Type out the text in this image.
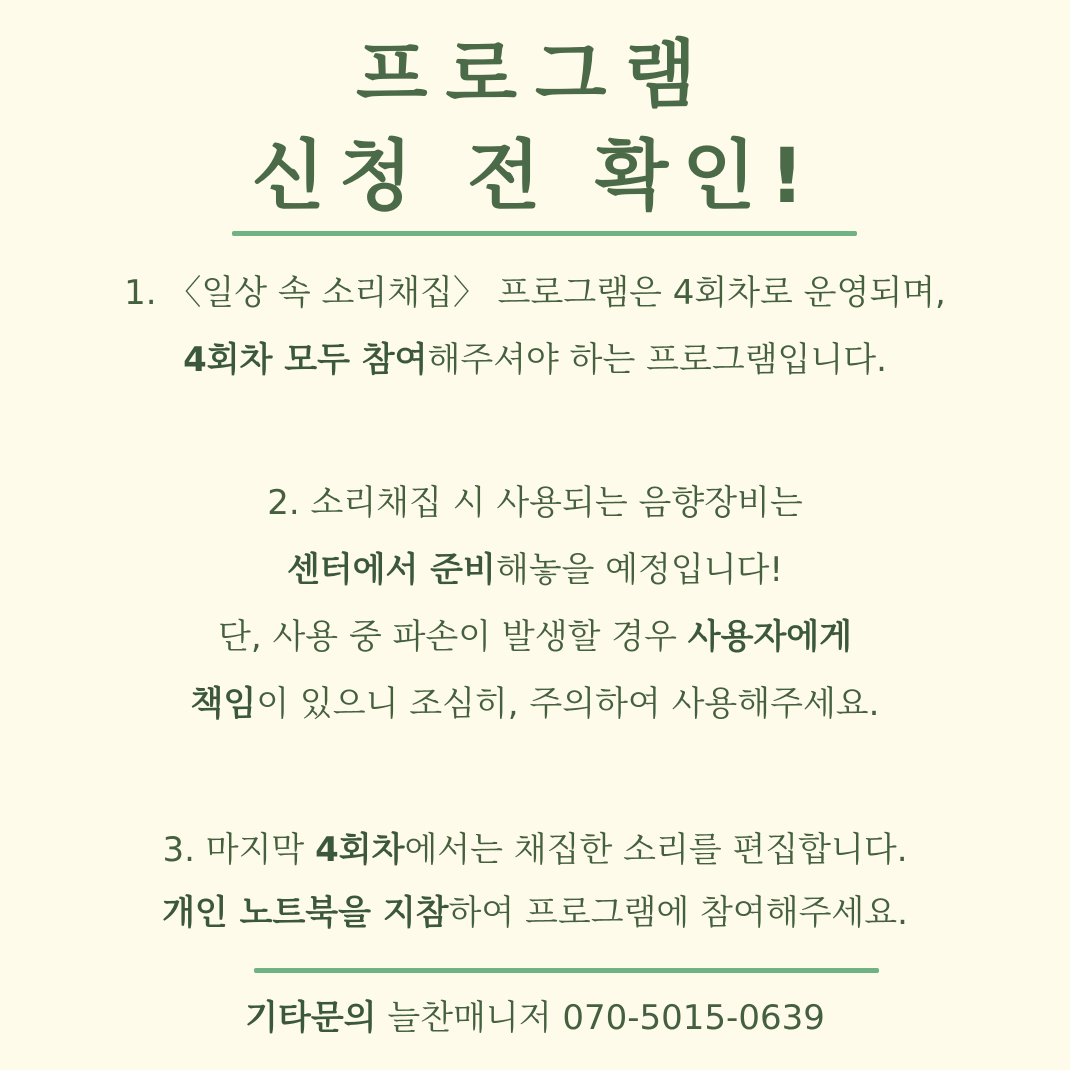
프로그램
신청 전 확인!
1. 〈일상 속 소리채집〉 프로그램은 4회차로 운영되며,
4회차 모두 참여해주셔야 하는 프로그램입니다.
2. 소리채집 시 사용되는 음향장비는
센터에서 준비해놓을 예정입니다!
단, 사용 중 파손이 발생할 경우 사용자에게
책임이 있으니 조심히, 주의하여 사용해주세요.
3. 마지막 4회차에서는 채집한 소리를 편집합니다.
개인 노트북을 지참하여 프로그램에 참여해주세요.
기타문의 늘찬매니저 070-5015-0639
